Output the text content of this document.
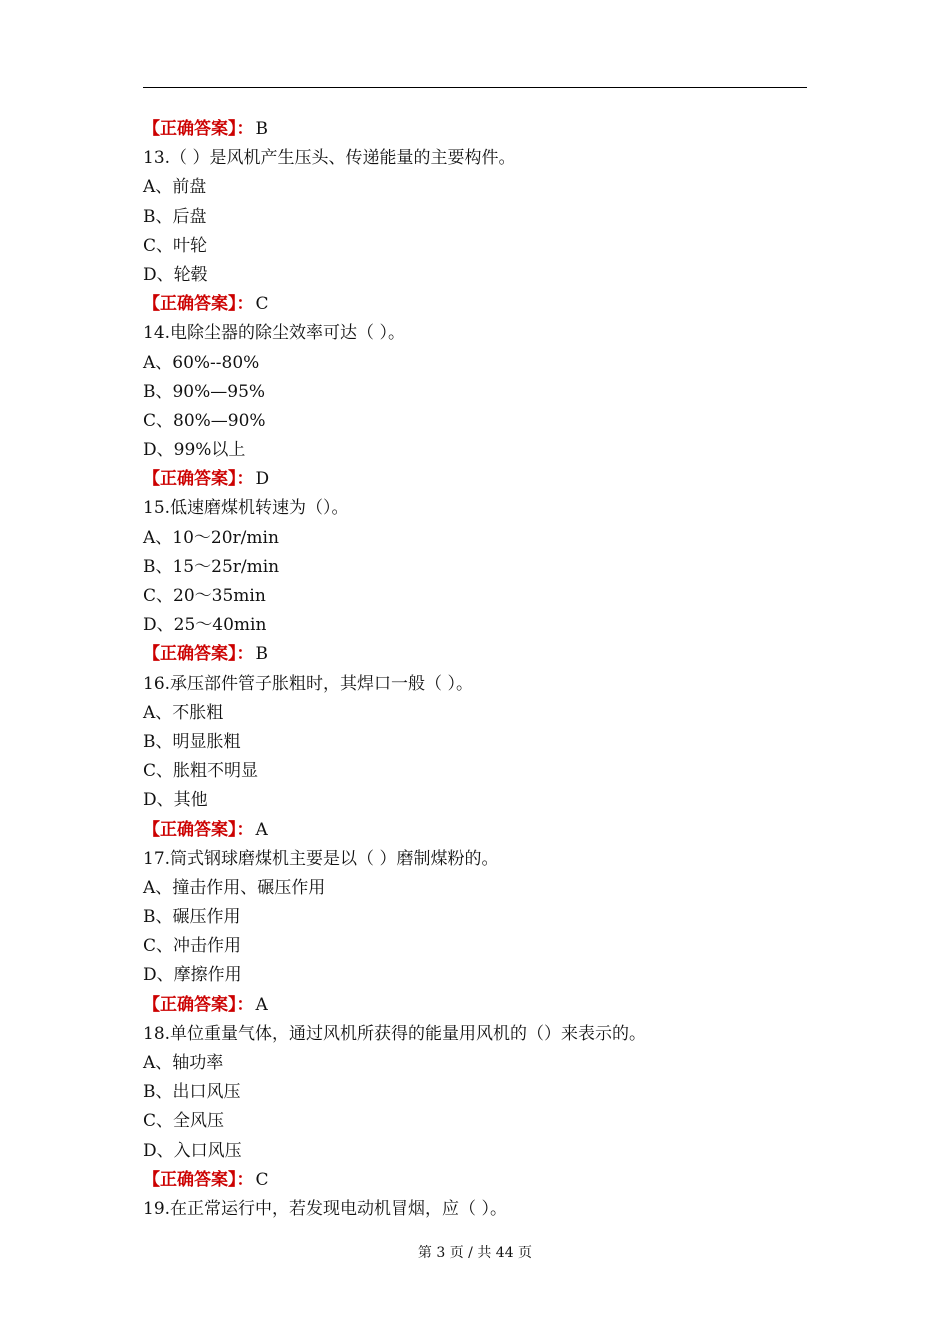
【正确答案】： B
13.（ ）是风机产生压头、传递能量的主要构件。
A、前盘
B、后盘
C、叶轮
D、轮毂
【正确答案】： C
14.电除尘器的除尘效率可达（ ）。
A、60%--80%
B、90%—95%
C、80%—90%
D、99%以上
【正确答案】： D
15.低速磨煤机转速为（）。
A、10～20r/min
B、15～25r/min
C、20～35min
D、25～40min
【正确答案】： B
16.承压部件管子胀粗时，其焊口一般（ ）。
A、不胀粗
B、明显胀粗
C、胀粗不明显
D、其他
【正确答案】： A
17.筒式钢球磨煤机主要是以（ ）磨制煤粉的。
A、撞击作用、碾压作用
B、碾压作用
C、冲击作用
D、摩擦作用
【正确答案】： A
18.单位重量气体，通过风机所获得的能量用风机的（）来表示的。
A、轴功率
B、出口风压
C、全风压
D、入口风压
【正确答案】： C
19.在正常运行中，若发现电动机冒烟，应（ ）。
第 3 页 / 共 44 页
